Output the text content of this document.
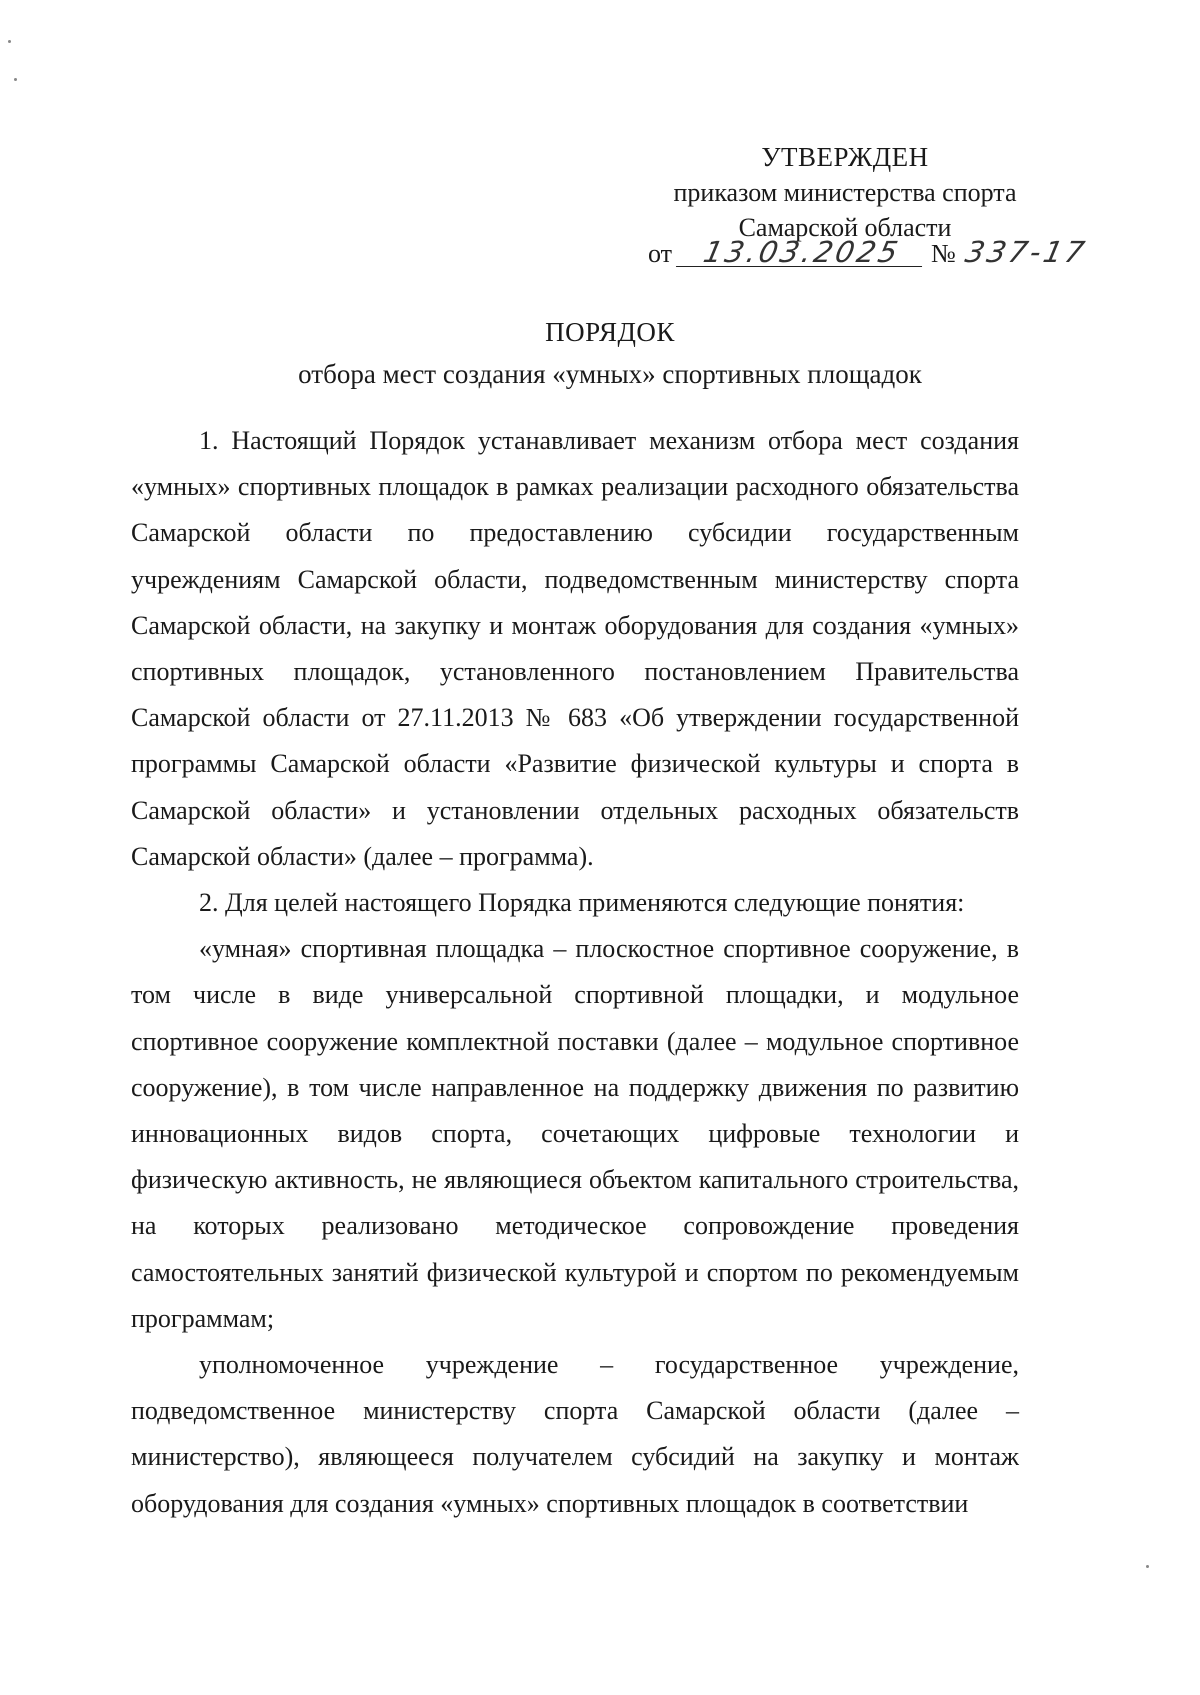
УТВЕРЖДЕН
приказом министерства спорта
Самарской области
от 13.03.2025 № 337-17
ПОРЯДОК
отбора мест создания «умных» спортивных площадок

1. Настоящий Порядок устанавливает механизм отбора мест создания «умных» спортивных площадок в рамках реализации расходного обязательства Самарской области по предоставлению субсидии государственным учреждениям Самарской области, подведомственным министерству спорта Самарской области, на закупку и монтаж оборудования для создания «умных» спортивных площадок, установленного постановлением Правительства Самарской области от 27.11.2013 № 683 «Об утверждении государственной программы Самарской области «Развитие физической культуры и спорта в Самарской области» и установлении отдельных расходных обязательств Самарской области» (далее – программа).

2. Для целей настоящего Порядка применяются следующие понятия:

«умная» спортивная площадка – плоскостное спортивное сооружение, в том числе в виде универсальной спортивной площадки, и модульное спортивное сооружение комплектной поставки (далее – модульное спортивное сооружение), в том числе направленное на поддержку движения по развитию инновационных видов спорта, сочетающих цифровые технологии и физическую активность, не являющиеся объектом капитального строительства, на которых реализовано методическое сопровождение проведения самостоятельных занятий физической культурой и спортом по рекомендуемым программам;

уполномоченное учреждение – государственное учреждение, подведомственное министерству спорта Самарской области (далее – министерство), являющееся получателем субсидий на закупку и монтаж оборудования для создания «умных» спортивных площадок в соответствии
